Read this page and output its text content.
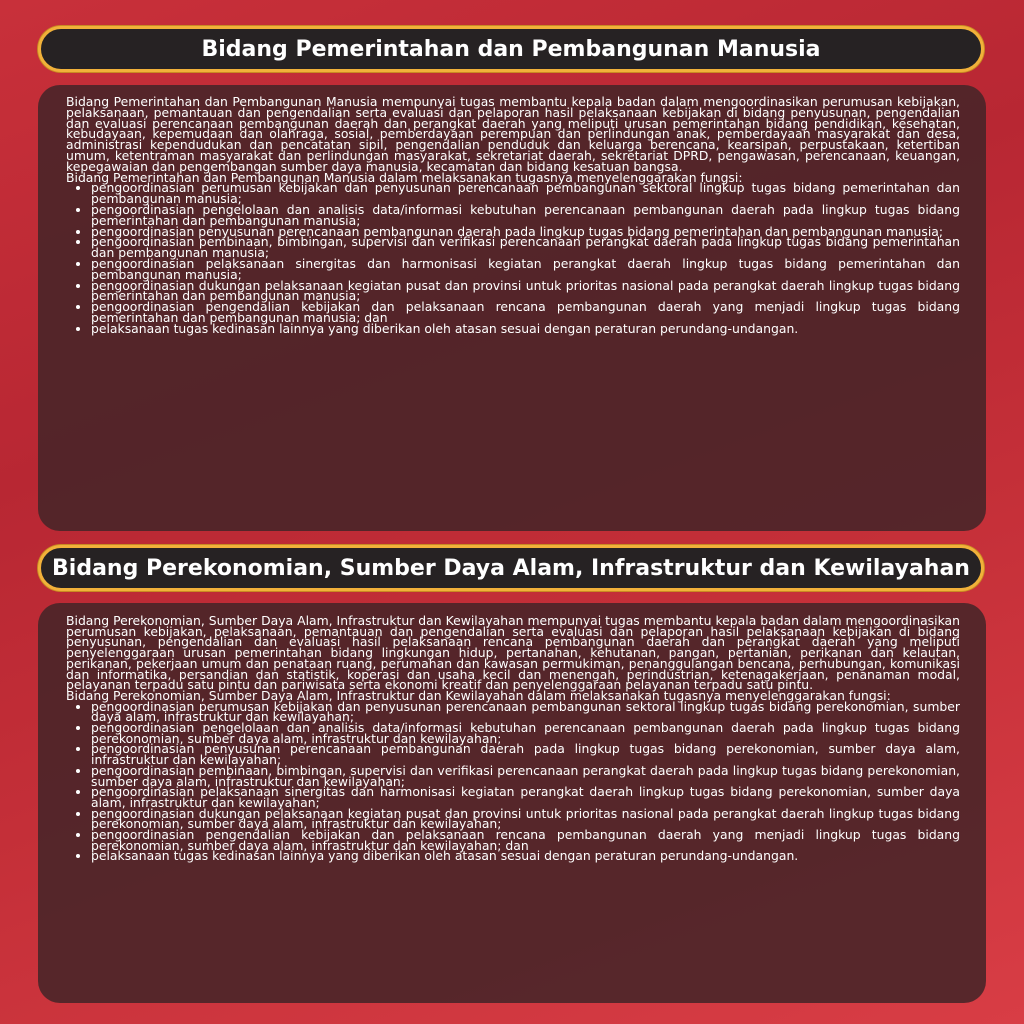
Bidang Pemerintahan dan Pembangunan Manusia

Bidang Pemerintahan dan Pembangunan Manusia mempunyai tugas membantu kepala badan dalam mengoordinasikan perumusan kebijakan, pelaksanaan, pemantauan dan pengendalian serta evaluasi dan pelaporan hasil pelaksanaan kebijakan di bidang penyusunan, pengendalian dan evaluasi perencanaan pembangunan daerah dan perangkat daerah yang meliputi urusan pemerintahan bidang pendidikan, kesehatan, kebudayaan, kepemudaan dan olahraga, sosial, pemberdayaan perempuan dan perlindungan anak, pemberdayaan masyarakat dan desa, administrasi kependudukan dan pencatatan sipil, pengendalian penduduk dan keluarga berencana, kearsipan, perpustakaan, ketertiban umum, ketentraman masyarakat dan perlindungan masyarakat, sekretariat daerah, sekretariat DPRD, pengawasan, perencanaan, keuangan, kepegawaian dan pengembangan sumber daya manusia, kecamatan dan bidang kesatuan bangsa.

Bidang Pemerintahan dan Pembangunan Manusia dalam melaksanakan tugasnya menyelenggarakan fungsi:

• pengoordinasian perumusan kebijakan dan penyusunan perencanaan pembangunan sektoral lingkup tugas bidang pemerintahan dan pembangunan manusia;
• pengoordinasian pengelolaan dan analisis data/informasi kebutuhan perencanaan pembangunan daerah pada lingkup tugas bidang pemerintahan dan pembangunan manusia;
• pengoordinasian penyusunan perencanaan pembangunan daerah pada lingkup tugas bidang pemerintahan dan pembangunan manusia;
• pengoordinasian pembinaan, bimbingan, supervisi dan verifikasi perencanaan perangkat daerah pada lingkup tugas bidang pemerintahan dan pembangunan manusia;
• pengoordinasian pelaksanaan sinergitas dan harmonisasi kegiatan perangkat daerah lingkup tugas bidang pemerintahan dan pembangunan manusia;
• pengoordinasian dukungan pelaksanaan kegiatan pusat dan provinsi untuk prioritas nasional pada perangkat daerah lingkup tugas bidang pemerintahan dan pembangunan manusia;
• pengoordinasian pengendalian kebijakan dan pelaksanaan rencana pembangunan daerah yang menjadi lingkup tugas bidang pemerintahan dan pembangunan manusia; dan
• pelaksanaan tugas kedinasan lainnya yang diberikan oleh atasan sesuai dengan peraturan perundang-undangan.
Bidang Perekonomian, Sumber Daya Alam, Infrastruktur dan Kewilayahan

Bidang Perekonomian, Sumber Daya Alam, Infrastruktur dan Kewilayahan mempunyai tugas membantu kepala badan dalam mengoordinasikan perumusan kebijakan, pelaksanaan, pemantauan dan pengendalian serta evaluasi dan pelaporan hasil pelaksanaan kebijakan di bidang penyusunan, pengendalian dan evaluasi hasil pelaksanaan rencana pembangunan daerah dan perangkat daerah yang meliputi penyelenggaraan urusan pemerintahan bidang lingkungan hidup, pertanahan, kehutanan, pangan, pertanian, perikanan dan kelautan, perikanan, pekerjaan umum dan penataan ruang, perumahan dan kawasan permukiman, penanggulangan bencana, perhubungan, komunikasi dan informatika, persandian dan statistik, koperasi dan usaha kecil dan menengah, perindustrian, ketenagakerjaan, penanaman modal, pelayanan terpadu satu pintu dan pariwisata serta ekonomi kreatif dan penyelenggaraan pelayanan terpadu satu pintu.

Bidang Perekonomian, Sumber Daya Alam, Infrastruktur dan Kewilayahan dalam melaksanakan tugasnya menyelenggarakan fungsi:

• pengoordinasian perumusan kebijakan dan penyusunan perencanaan pembangunan sektoral lingkup tugas bidang perekonomian, sumber daya alam, infrastruktur dan kewilayahan;
• pengoordinasian pengelolaan dan analisis data/informasi kebutuhan perencanaan pembangunan daerah pada lingkup tugas bidang perekonomian, sumber daya alam, infrastruktur dan kewilayahan;
• pengoordinasian penyusunan perencanaan pembangunan daerah pada lingkup tugas bidang perekonomian, sumber daya alam, infrastruktur dan kewilayahan;
• pengoordinasian pembinaan, bimbingan, supervisi dan verifikasi perencanaan perangkat daerah pada lingkup tugas bidang perekonomian, sumber daya alam, infrastruktur dan kewilayahan;
• pengoordinasian pelaksanaan sinergitas dan harmonisasi kegiatan perangkat daerah lingkup tugas bidang perekonomian, sumber daya alam, infrastruktur dan kewilayahan;
• pengoordinasian dukungan pelaksanaan kegiatan pusat dan provinsi untuk prioritas nasional pada perangkat daerah lingkup tugas bidang perekonomian, sumber daya alam, infrastruktur dan kewilayahan;
• pengoordinasian pengendalian kebijakan dan pelaksanaan rencana pembangunan daerah yang menjadi lingkup tugas bidang perekonomian, sumber daya alam, infrastruktur dan kewilayahan; dan
• pelaksanaan tugas kedinasan lainnya yang diberikan oleh atasan sesuai dengan peraturan perundang-undangan.
